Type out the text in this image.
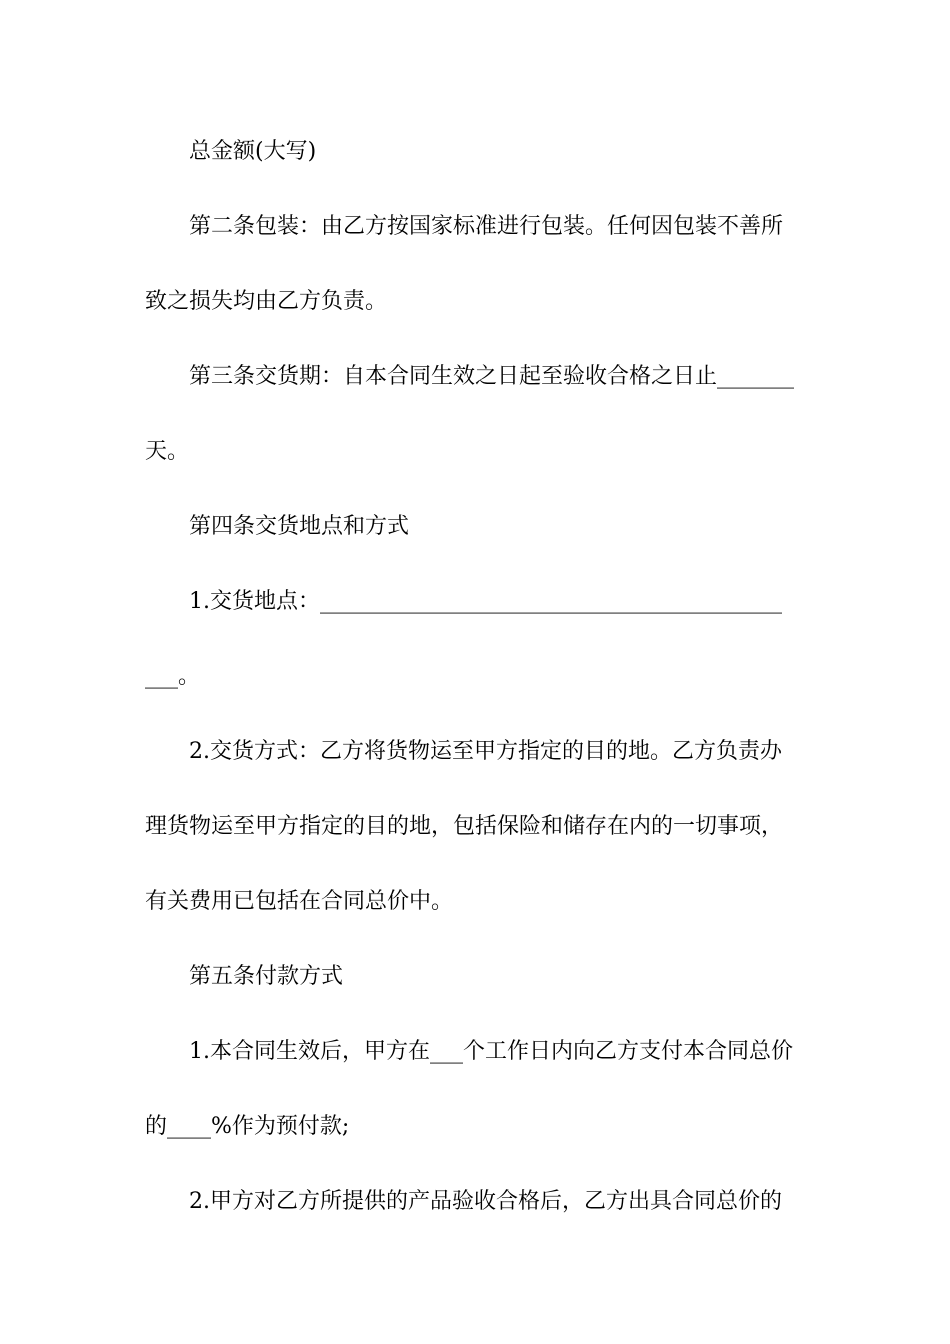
总金额(大写)
第二条包装：由乙方按国家标准进行包装。任何因包装不善所
致之损失均由乙方负责。
第三条交货期：自本合同生效之日起至验收合格之日止_______
天。
第四条交货地点和方式
1.交货地点：__________________________________________
___。
2.交货方式：乙方将货物运至甲方指定的目的地。乙方负责办
理货物运至甲方指定的目的地，包括保险和储存在内的一切事项，
有关费用已包括在合同总价中。
第五条付款方式
1.本合同生效后，甲方在___个工作日内向乙方支付本合同总价
的____%作为预付款;
2.甲方对乙方所提供的产品验收合格后，乙方出具合同总价的
